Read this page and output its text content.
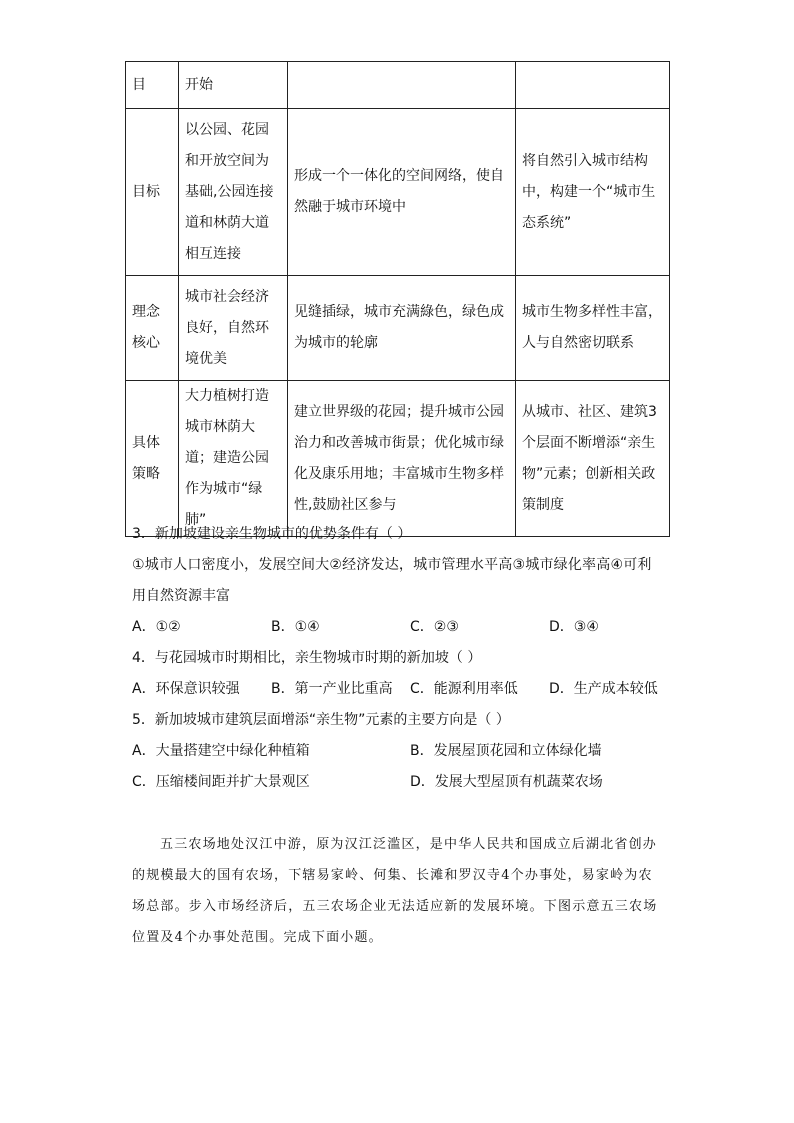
目	开始		

目标	以公园、花园和开放空间为基础,公园连接道和林荫大道相互连接	形成一个一体化的空间网络，使自然融于城市环境中	将自然引入城市结构中，构建一个“城市生态系统”

理念核心	城市社会经济良好，自然环境优美	见缝插绿，城市充满綠色，绿色成为城市的轮廓	城市生物多样性丰富，人与自然密切联系

具体策略	大力植树打造城市林荫大道；建造公园作为城市“绿肺”	建立世界级的花园；提升城市公园治力和改善城市街景；优化城市绿化及康乐用地；丰富城市生物多样性,鼓励社区参与	从城市、社区、建筑3个层面不断增添“亲生物”元素；创新相关政策制度
3．新加坡建设亲生物城市的优势条件有（ ）
①城市人口密度小，发展空间大②经济发达，城市管理水平高③城市绿化率高④可利
用自然资源丰富
A．①②	B．①④	C．②③	D．③④
4．与花园城市时期相比，亲生物城市时期的新加坡（ ）
A．环保意识较强 B．第一产业比重高 C．能源利用率低 D．生产成本较低
5．新加坡城市建筑层面增添“亲生物”元素的主要方向是（ ）
A．大量搭建空中绿化种植箱	B．发展屋顶花园和立体绿化墙
C．压缩楼间距并扩大景观区	D．发展大型屋顶有机蔬菜农场
五三农场地处汉江中游，原为汉江泛滥区，是中华人民共和国成立后湖北省创办的规模最大的国有农场，下辖易家岭、何集、长滩和罗汉寺4个办事处，易家岭为农场总部。步入市场经济后，五三农场企业无法适应新的发展环境。下图示意五三农场位置及4个办事处范围。完成下面小题。
